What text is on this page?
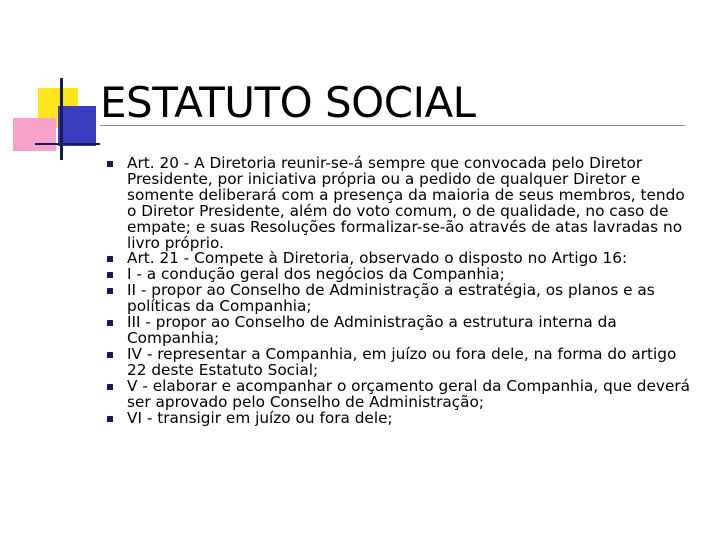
ESTATUTO SOCIAL
Art. 20 - A Diretoria reunir-se-á sempre que convocada pelo Diretor Presidente, por iniciativa própria ou a pedido de qualquer Diretor e somente deliberará com a presença da maioria de seus membros, tendo o Diretor Presidente, além do voto comum, o de qualidade, no caso de empate; e suas Resoluções formalizar-se-ão através de atas lavradas no livro próprio.
Art. 21 - Compete à Diretoria, observado o disposto no Artigo 16:
I - a condução geral dos negócios da Companhia;
II - propor ao Conselho de Administração a estratégia, os planos e as políticas da Companhia;
III - propor ao Conselho de Administração a estrutura interna da Companhia;
IV - representar a Companhia, em juízo ou fora dele, na forma do artigo 22 deste Estatuto Social;
V - elaborar e acompanhar o orçamento geral da Companhia, que deverá ser aprovado pelo Conselho de Administração;
VI - transigir em juízo ou fora dele;
